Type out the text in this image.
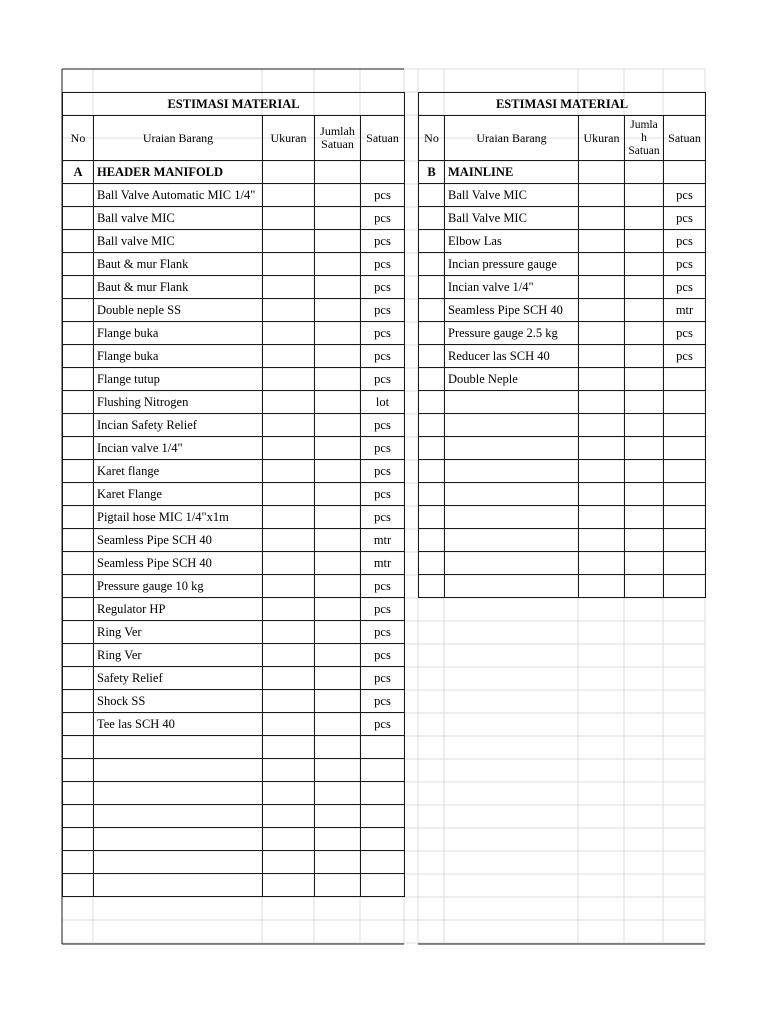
ESTIMASI MATERIAL				
No	Uraian Barang	Ukuran	Jumlah Satuan	Satuan
A	HEADER MANIFOLD			
	Ball Valve Automatic MIC 1/4"			pcs
	Ball valve MIC			pcs
	Ball valve MIC			pcs
	Baut & mur Flank			pcs
	Baut & mur Flank			pcs
	Double neple SS			pcs
	Flange buka			pcs
	Flange buka			pcs
	Flange tutup			pcs
	Flushing Nitrogen			lot
	Incian Safety Relief			pcs
	Incian valve 1/4"			pcs
	Karet flange			pcs
	Karet Flange			pcs
	Pigtail hose MIC 1/4"x1m			pcs
	Seamless Pipe SCH 40			mtr
	Seamless Pipe SCH 40			mtr
	Pressure gauge 10 kg			pcs
	Regulator HP			pcs
	Ring Ver			pcs
	Ring Ver			pcs
	Safety Relief			pcs
	Shock SS			pcs
	Tee las SCH 40			pcs

ESTIMASI MATERIAL				
No	Uraian Barang	Ukuran	Jumla h Satuan	Satuan
B	MAINLINE			
	Ball Valve MIC			pcs
	Ball Valve MIC			pcs
	Elbow Las			pcs
	Incian pressure gauge			pcs
	Incian valve 1/4"			pcs
	Seamless Pipe SCH 40			mtr
	Pressure gauge 2.5 kg			pcs
	Reducer las SCH 40			pcs
	Double Neple			
